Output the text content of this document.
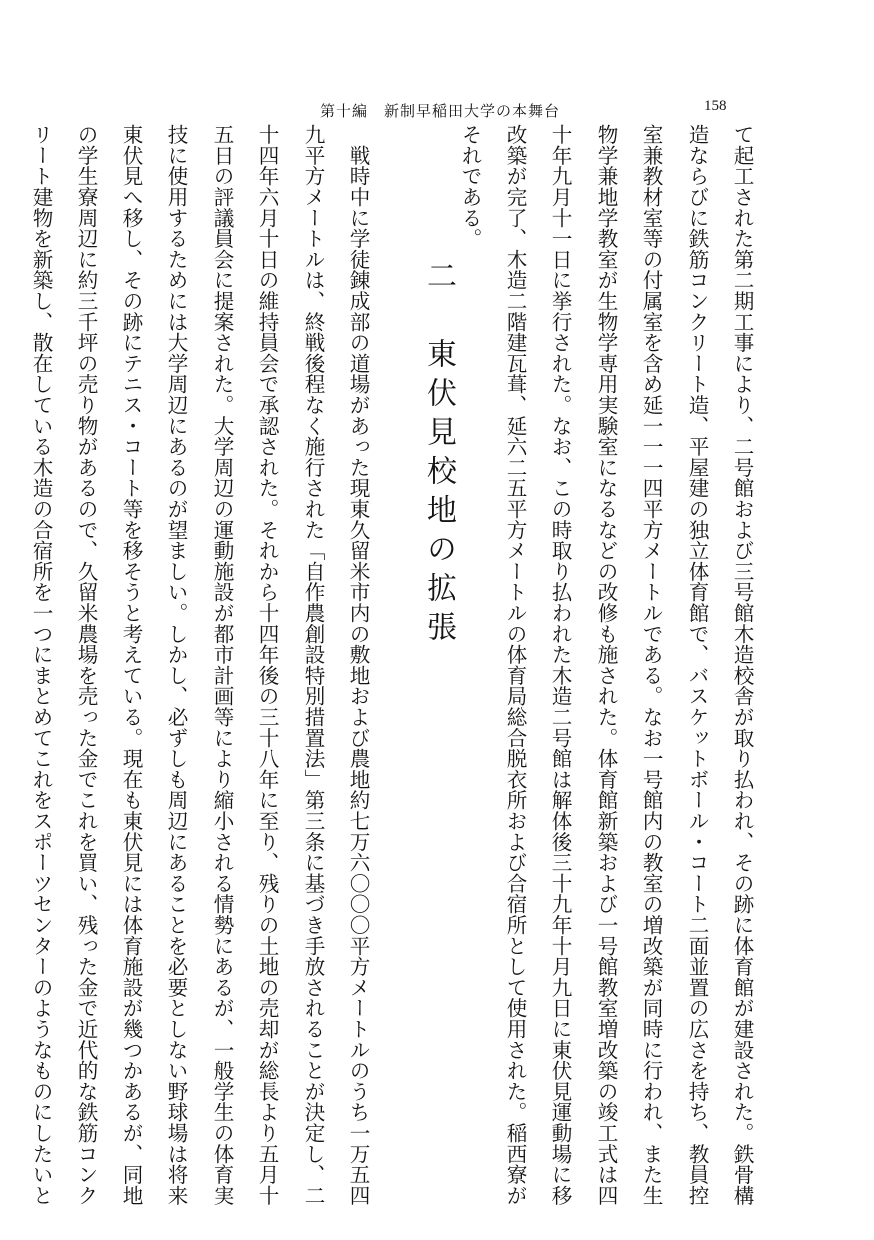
第十編　新制早稲田大学の本舞台	158
て起工された第二期工事により、二号館および三号館木造校舎が取り払われ、その跡に体育館が建設された。鉄骨構
造ならびに鉄筋コンクリート造、平屋建の独立体育館で、バスケットボール・コート二面並置の広さを持ち、教員控
室兼教材室等の付属室を含め延一一一四平方メートルである。なお一号館内の教室の増改築が同時に行われ、また生
物学兼地学教室が生物学専用実験室になるなどの改修も施された。体育館新築および一号館教室増改築の竣工式は四
十年九月十一日に挙行された。なお、この時取り払われた木造二号館は解体後三十九年十月九日に東伏見運動場に移
改築が完了、木造二階建瓦葺、延六二五平方メートルの体育局総合脱衣所および合宿所として使用された。稲西寮が
それである。
二　東伏見校地の拡張
　戦時中に学徒錬成部の道場があった現東久留米市内の敷地および農地約七万六〇〇〇平方メートルのうち一万五四
九平方メートルは、終戦後程なく施行された「自作農創設特別措置法」第三条に基づき手放されることが決定し、二
十四年六月十日の維持員会で承認された。それから十四年後の三十八年に至り、残りの土地の売却が総長より五月十
五日の評議員会に提案された。大学周辺の運動施設が都市計画等により縮小される情勢にあるが、一般学生の体育実
技に使用するためには大学周辺にあるのが望ましい。しかし、必ずしも周辺にあることを必要としない野球場は将来
東伏見へ移し、その跡にテニス・コート等を移そうと考えている。現在も東伏見には体育施設が幾つかあるが、同地
の学生寮周辺に約三千坪の売り物があるので、久留米農場を売った金でこれを買い、残った金で近代的な鉄筋コンク
リート建物を新築し、散在している木造の合宿所を一つにまとめてこれをスポーツセンターのようなものにしたいと
